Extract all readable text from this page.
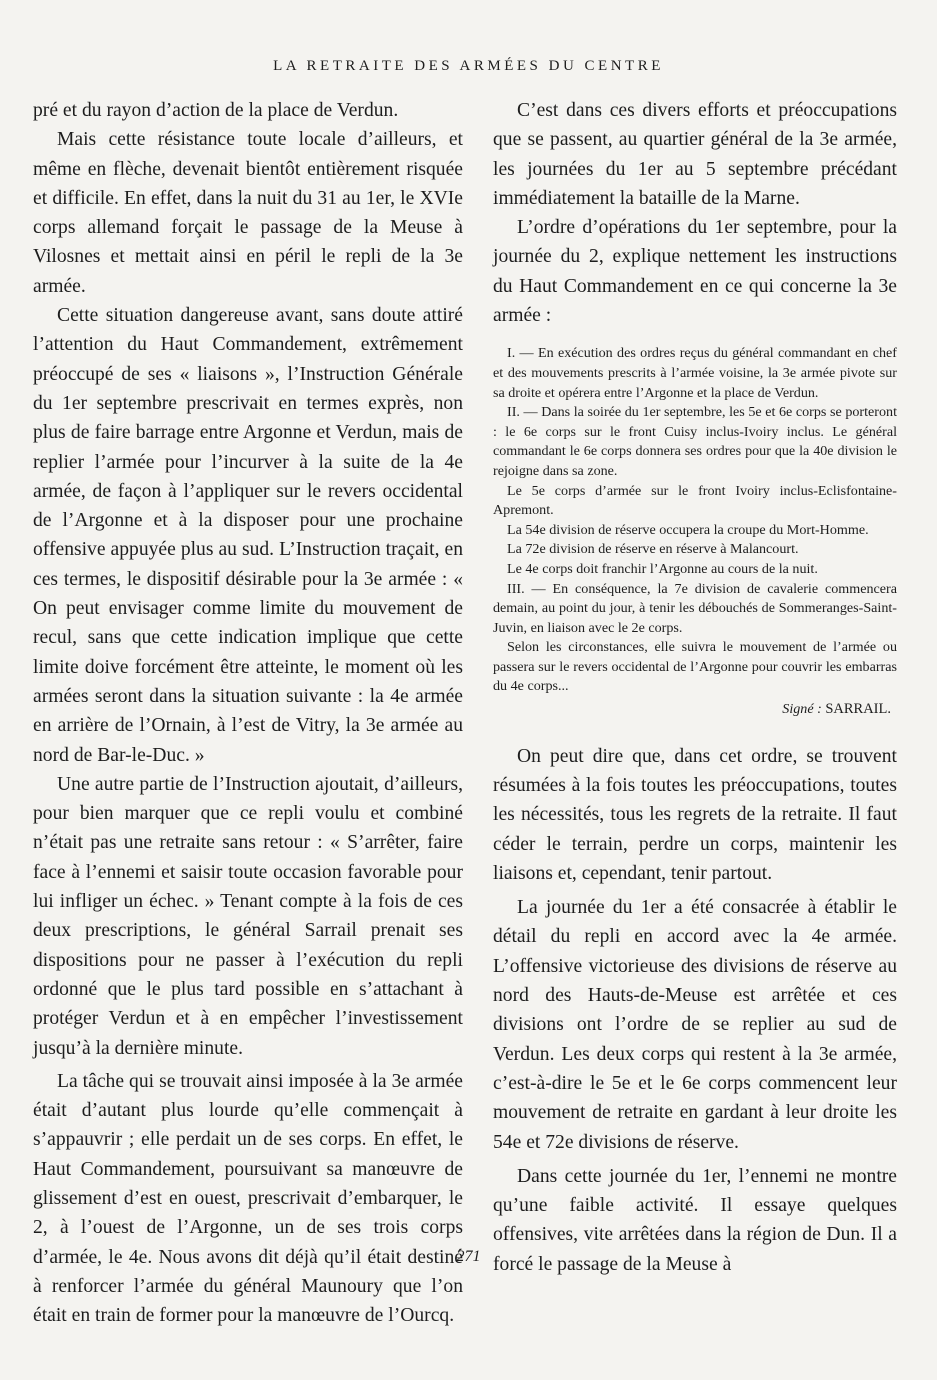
LA RETRAITE DES ARMÉES DU CENTRE

pré et du rayon d’action de la place de Verdun.

Mais cette résistance toute locale d’ailleurs, et même en flèche, devenait bientôt entièrement risquée et difficile. En effet, dans la nuit du 31 au 1er, le XVIe corps allemand forçait le passage de la Meuse à Vilosnes et mettait ainsi en péril le repli de la 3e armée.

Cette situation dangereuse avant, sans doute attiré l’attention du Haut Commandement, extrêmement préoccupé de ses « liaisons », l’Instruction Générale du 1er septembre prescrivait en termes exprès, non plus de faire barrage entre Argonne et Verdun, mais de replier l’armée pour l’incurver à la suite de la 4e armée, de façon à l’appliquer sur le revers occidental de l’Argonne et à la disposer pour une prochaine offensive appuyée plus au sud. L’Instruction traçait, en ces termes, le dispositif désirable pour la 3e armée : « On peut envisager comme limite du mouvement de recul, sans que cette indication implique que cette limite doive forcément être atteinte, le moment où les armées seront dans la situation suivante : la 4e armée en arrière de l’Ornain, à l’est de Vitry, la 3e armée au nord de Bar-le-Duc. »

Une autre partie de l’Instruction ajoutait, d’ailleurs, pour bien marquer que ce repli voulu et combiné n’était pas une retraite sans retour : « S’arrêter, faire face à l’ennemi et saisir toute occasion favorable pour lui infliger un échec. » Tenant compte à la fois de ces deux prescriptions, le général Sarrail prenait ses dispositions pour ne passer à l’exécution du repli ordonné que le plus tard possible en s’attachant à protéger Verdun et à en empêcher l’investissement jusqu’à la dernière minute.

La tâche qui se trouvait ainsi imposée à la 3e armée était d’autant plus lourde qu’elle commençait à s’appauvrir ; elle perdait un de ses corps. En effet, le Haut Commandement, poursuivant sa manœuvre de glissement d’est en ouest, prescrivait d’embarquer, le 2, à l’ouest de l’Argonne, un de ses trois corps d’armée, le 4e. Nous avons dit déjà qu’il était destiné à renforcer l’armée du général Maunoury que l’on était en train de former pour la manœuvre de l’Ourcq.

C’est dans ces divers efforts et préoccupations que se passent, au quartier général de la 3e armée, les journées du 1er au 5 septembre précédant immédiatement la bataille de la Marne.

L’ordre d’opérations du 1er septembre, pour la journée du 2, explique nettement les instructions du Haut Commandement en ce qui concerne la 3e armée :

I. — En exécution des ordres reçus du général commandant en chef et des mouvements prescrits à l’armée voisine, la 3e armée pivote sur sa droite et opérera entre l’Argonne et la place de Verdun.

II. — Dans la soirée du 1er septembre, les 5e et 6e corps se porteront : le 6e corps sur le front Cuisy inclus-Ivoiry inclus. Le général commandant le 6e corps donnera ses ordres pour que la 40e division le rejoigne dans sa zone.

Le 5e corps d’armée sur le front Ivoiry inclus-Eclisfontaine-Apremont.

La 54e division de réserve occupera la croupe du Mort-Homme.

La 72e division de réserve en réserve à Malancourt.

Le 4e corps doit franchir l’Argonne au cours de la nuit.

III. — En conséquence, la 7e division de cavalerie commencera demain, au point du jour, à tenir les débouchés de Sommeranges-Saint-Juvin, en liaison avec le 2e corps.

Selon les circonstances, elle suivra le mouvement de l’armée ou passera sur le revers occidental de l’Argonne pour couvrir les embarras du 4e corps...

Signé : SARRAIL.

On peut dire que, dans cet ordre, se trouvent résumées à la fois toutes les préoccupations, toutes les nécessités, tous les regrets de la retraite. Il faut céder le terrain, perdre un corps, maintenir les liaisons et, cependant, tenir partout.

La journée du 1er a été consacrée à établir le détail du repli en accord avec la 4e armée. L’offensive victorieuse des divisions de réserve au nord des Hauts-de-Meuse est arrêtée et ces divisions ont l’ordre de se replier au sud de Verdun. Les deux corps qui restent à la 3e armée, c’est-à-dire le 5e et le 6e corps commencent leur mouvement de retraite en gardant à leur droite les 54e et 72e divisions de réserve.

Dans cette journée du 1er, l’ennemi ne montre qu’une faible activité. Il essaye quelques offensives, vite arrêtées dans la région de Dun. Il a forcé le passage de la Meuse à

271
